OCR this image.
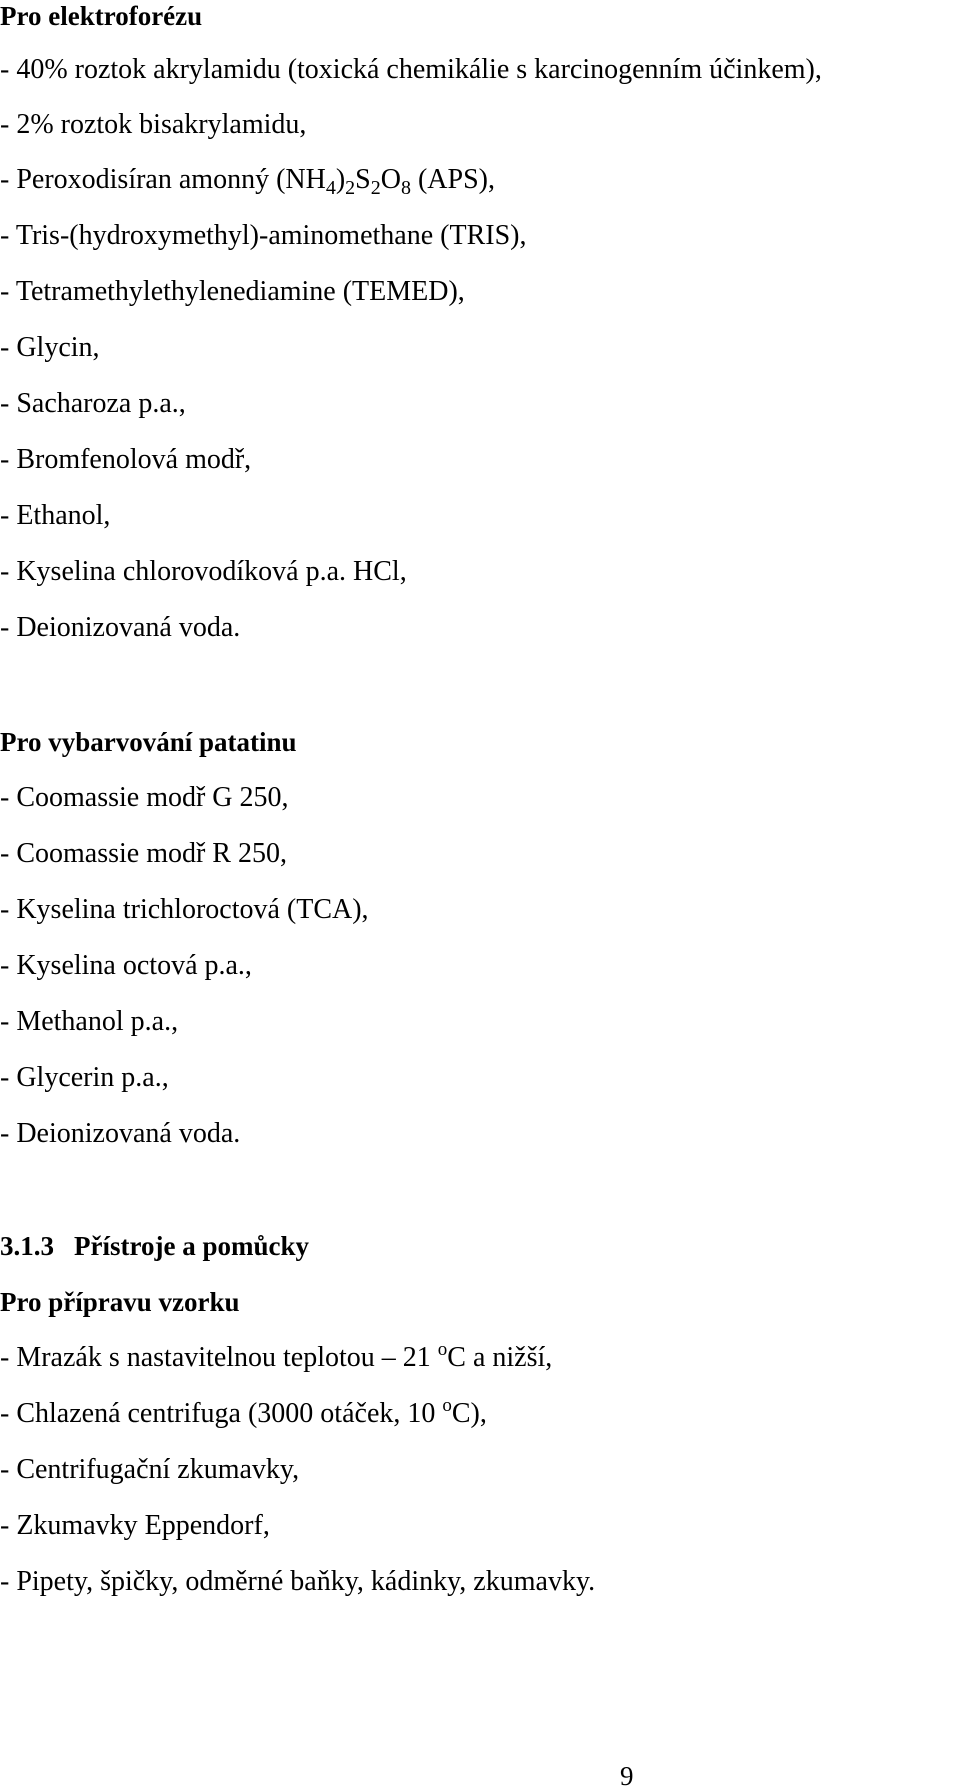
Pro elektroforézu
- 40% roztok akrylamidu (toxická chemikálie s karcinogenním účinkem),
- 2% roztok bisakrylamidu,
- Peroxodisíran amonný $(NH_4)_2S_2O_8$ (APS),
- Tris-(hydroxymethyl)-aminomethane (TRIS),
- Tetramethylethylenediamine (TEMED),
- Glycin,
- Sacharoza p.a.,
- Bromfenolová modř,
- Ethanol,
- Kyselina chlorovodíková p.a. HCl,
- Deionizovaná voda.
Pro vybarvování patatinu
- Coomassie modř G 250,
- Coomassie modř R 250,
- Kyselina trichloroctová (TCA),
- Kyselina octová p.a.,
- Methanol p.a.,
- Glycerin p.a.,
- Deionizovaná voda.
3.1.3 Přístroje a pomůcky
Pro přípravu vzorku
- Mrazák s nastavitelnou teplotou – 21 $^o$C a nižší,
- Chlazená centrifuga (3000 otáček, 10 $^o$C),
- Centrifugační zkumavky,
- Zkumavky Eppendorf,
- Pipety, špičky, odměrné baňky, kádinky, zkumavky.
9
